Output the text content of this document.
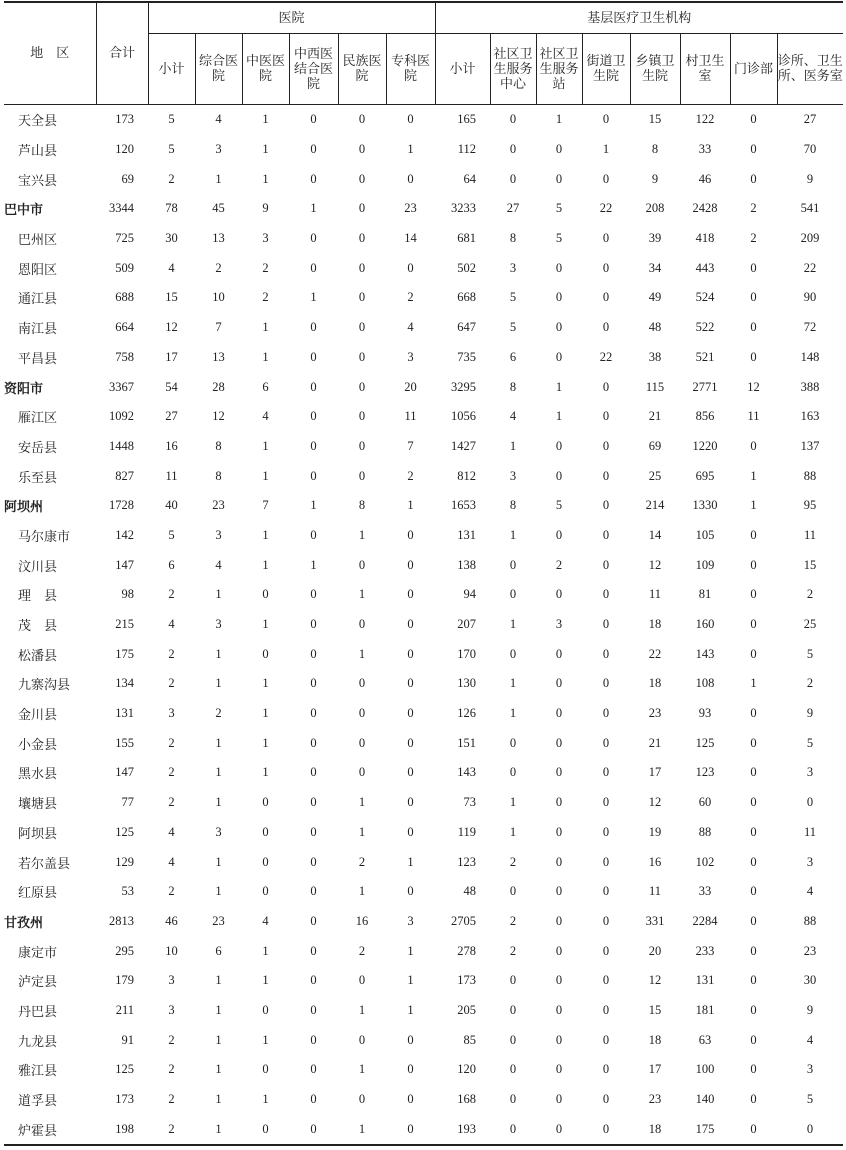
地　区	合计	医院						基层医疗卫生机构							
		小计	综合医院	中医医院	中西医结合医院	民族医院	专科医院	小计	社区卫生服务中心	社区卫生服务站	街道卫生院	乡镇卫生院	村卫生室	门诊部	诊所、卫生所、医务室
天全县	173	5	4	1	0	0	0	165	0	1	0	15	122	0	27
芦山县	120	5	3	1	0	0	1	112	0	0	1	8	33	0	70
宝兴县	69	2	1	1	0	0	0	64	0	0	0	9	46	0	9
巴中市	3344	78	45	9	1	0	23	3233	27	5	22	208	2428	2	541
巴州区	725	30	13	3	0	0	14	681	8	5	0	39	418	2	209
恩阳区	509	4	2	2	0	0	0	502	3	0	0	34	443	0	22
通江县	688	15	10	2	1	0	2	668	5	0	0	49	524	0	90
南江县	664	12	7	1	0	0	4	647	5	0	0	48	522	0	72
平昌县	758	17	13	1	0	0	3	735	6	0	22	38	521	0	148
资阳市	3367	54	28	6	0	0	20	3295	8	1	0	115	2771	12	388
雁江区	1092	27	12	4	0	0	11	1056	4	1	0	21	856	11	163
安岳县	1448	16	8	1	0	0	7	1427	1	0	0	69	1220	0	137
乐至县	827	11	8	1	0	0	2	812	3	0	0	25	695	1	88
阿坝州	1728	40	23	7	1	8	1	1653	8	5	0	214	1330	1	95
马尔康市	142	5	3	1	0	1	0	131	1	0	0	14	105	0	11
汶川县	147	6	4	1	1	0	0	138	0	2	0	12	109	0	15
理　县	98	2	1	0	0	1	0	94	0	0	0	11	81	0	2
茂　县	215	4	3	1	0	0	0	207	1	3	0	18	160	0	25
松潘县	175	2	1	0	0	1	0	170	0	0	0	22	143	0	5
九寨沟县	134	2	1	1	0	0	0	130	1	0	0	18	108	1	2
金川县	131	3	2	1	0	0	0	126	1	0	0	23	93	0	9
小金县	155	2	1	1	0	0	0	151	0	0	0	21	125	0	5
黑水县	147	2	1	1	0	0	0	143	0	0	0	17	123	0	3
壤塘县	77	2	1	0	0	1	0	73	1	0	0	12	60	0	0
阿坝县	125	4	3	0	0	1	0	119	1	0	0	19	88	0	11
若尔盖县	129	4	1	0	0	2	1	123	2	0	0	16	102	0	3
红原县	53	2	1	0	0	1	0	48	0	0	0	11	33	0	4
甘孜州	2813	46	23	4	0	16	3	2705	2	0	0	331	2284	0	88
康定市	295	10	6	1	0	2	1	278	2	0	0	20	233	0	23
泸定县	179	3	1	1	0	0	1	173	0	0	0	12	131	0	30
丹巴县	211	3	1	0	0	1	1	205	0	0	0	15	181	0	9
九龙县	91	2	1	1	0	0	0	85	0	0	0	18	63	0	4
雅江县	125	2	1	0	0	1	0	120	0	0	0	17	100	0	3
道孚县	173	2	1	1	0	0	0	168	0	0	0	23	140	0	5
炉霍县	198	2	1	0	0	1	0	193	0	0	0	18	175	0	0
